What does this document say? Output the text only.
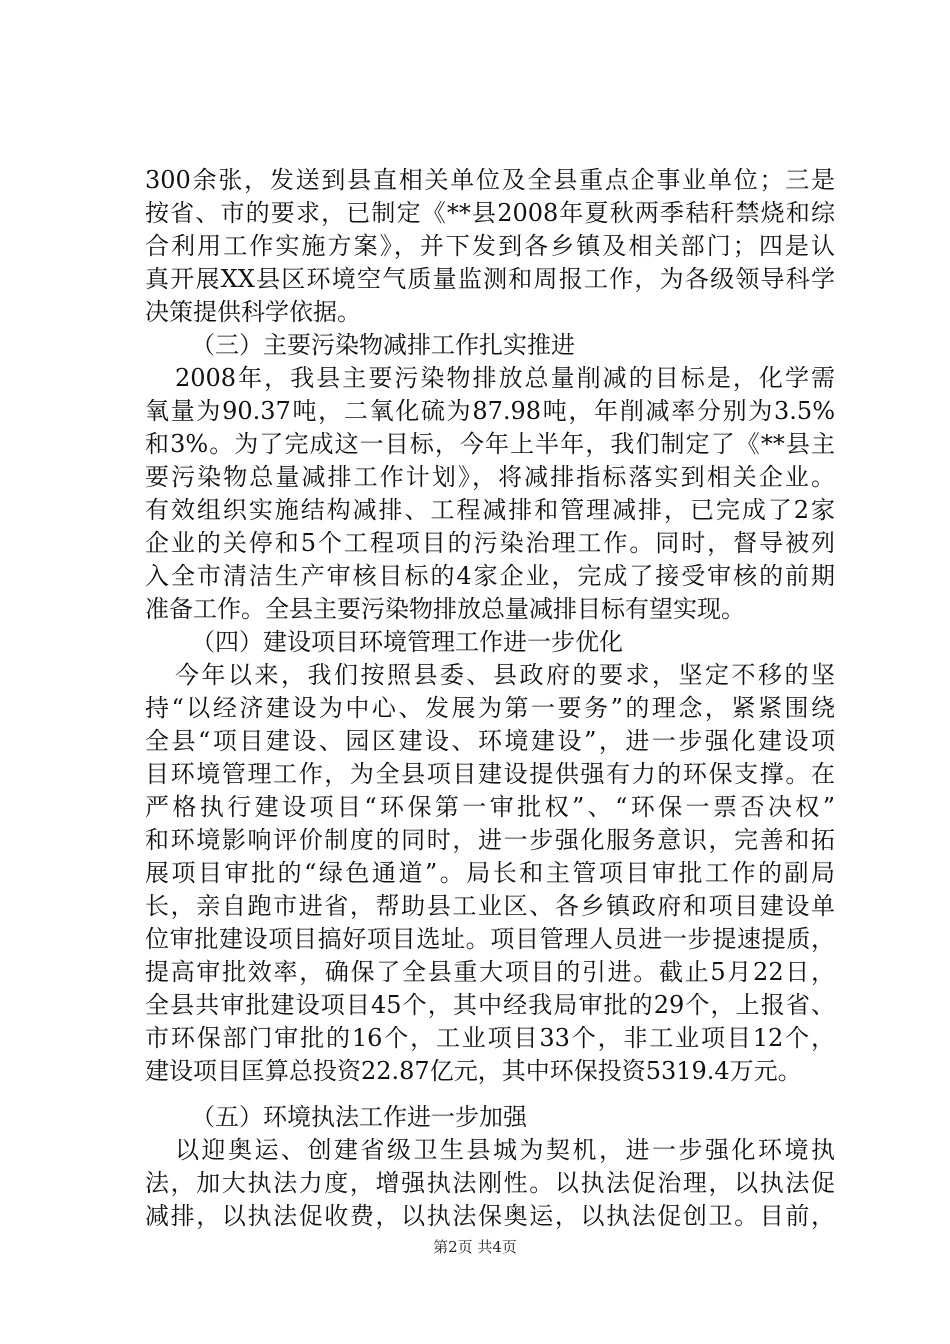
300余张，发送到县直相关单位及全县重点企事业单位；三是
按省、市的要求，已制定《**县2008年夏秋两季秸秆禁烧和综
合利用工作实施方案》，并下发到各乡镇及相关部门；四是认
真开展XX县区环境空气质量监测和周报工作，为各级领导科学
决策提供科学依据。
（三）主要污染物减排工作扎实推进
2008年，我县主要污染物排放总量削减的目标是，化学需
氧量为90.37吨，二氧化硫为87.98吨，年削减率分别为3.5%
和3%。为了完成这一目标，今年上半年，我们制定了《**县主
要污染物总量减排工作计划》，将减排指标落实到相关企业。
有效组织实施结构减排、工程减排和管理减排，已完成了2家
企业的关停和5个工程项目的污染治理工作。同时，督导被列
入全市清洁生产审核目标的4家企业，完成了接受审核的前期
准备工作。全县主要污染物排放总量减排目标有望实现。
（四）建设项目环境管理工作进一步优化
今年以来，我们按照县委、县政府的要求，坚定不移的坚
持“以经济建设为中心、发展为第一要务”的理念，紧紧围绕
全县“项目建设、园区建设、环境建设”，进一步强化建设项
目环境管理工作，为全县项目建设提供强有力的环保支撑。在
严格执行建设项目“环保第一审批权”、“环保一票否决权”
和环境影响评价制度的同时，进一步强化服务意识，完善和拓
展项目审批的“绿色通道”。局长和主管项目审批工作的副局
长，亲自跑市进省，帮助县工业区、各乡镇政府和项目建设单
位审批建设项目搞好项目选址。项目管理人员进一步提速提质，
提高审批效率，确保了全县重大项目的引进。截止5月22日，
全县共审批建设项目45个，其中经我局审批的29个，上报省、
市环保部门审批的16个，工业项目33个，非工业项目12个，
建设项目匡算总投资22.87亿元，其中环保投资5319.4万元。
（五）环境执法工作进一步加强
以迎奥运、创建省级卫生县城为契机，进一步强化环境执
法，加大执法力度，增强执法刚性。以执法促治理，以执法促
减排，以执法促收费，以执法保奥运，以执法促创卫。目前，
第2页 共4页
